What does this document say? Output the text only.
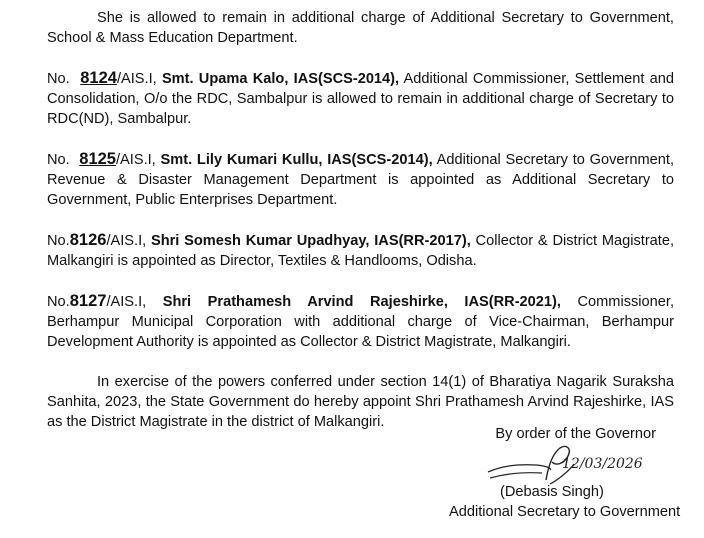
She is allowed to remain in additional charge of Additional Secretary to Government, School & Mass Education Department.

No. 8124/AIS.I, Smt. Upama Kalo, IAS(SCS-2014), Additional Commissioner, Settlement and Consolidation, O/o the RDC, Sambalpur is allowed to remain in additional charge of Secretary to RDC(ND), Sambalpur.

No. 8125/AIS.I, Smt. Lily Kumari Kullu, IAS(SCS-2014), Additional Secretary to Government, Revenue & Disaster Management Department is appointed as Additional Secretary to Government, Public Enterprises Department.

No.8126/AIS.I, Shri Somesh Kumar Upadhyay, IAS(RR-2017), Collector & District Magistrate, Malkangiri is appointed as Director, Textiles & Handlooms, Odisha.

No.8127/AIS.I, Shri Prathamesh Arvind Rajeshirke, IAS(RR-2021), Commissioner, Berhampur Municipal Corporation with additional charge of Vice-Chairman, Berhampur Development Authority is appointed as Collector & District Magistrate, Malkangiri.

In exercise of the powers conferred under section 14(1) of Bharatiya Nagarik Suraksha Sanhita, 2023, the State Government do hereby appoint Shri Prathamesh Arvind Rajeshirke, IAS as the District Magistrate in the district of Malkangiri.

By order of the Governor
12/03/2026
(Debasis Singh)
Additional Secretary to Government
